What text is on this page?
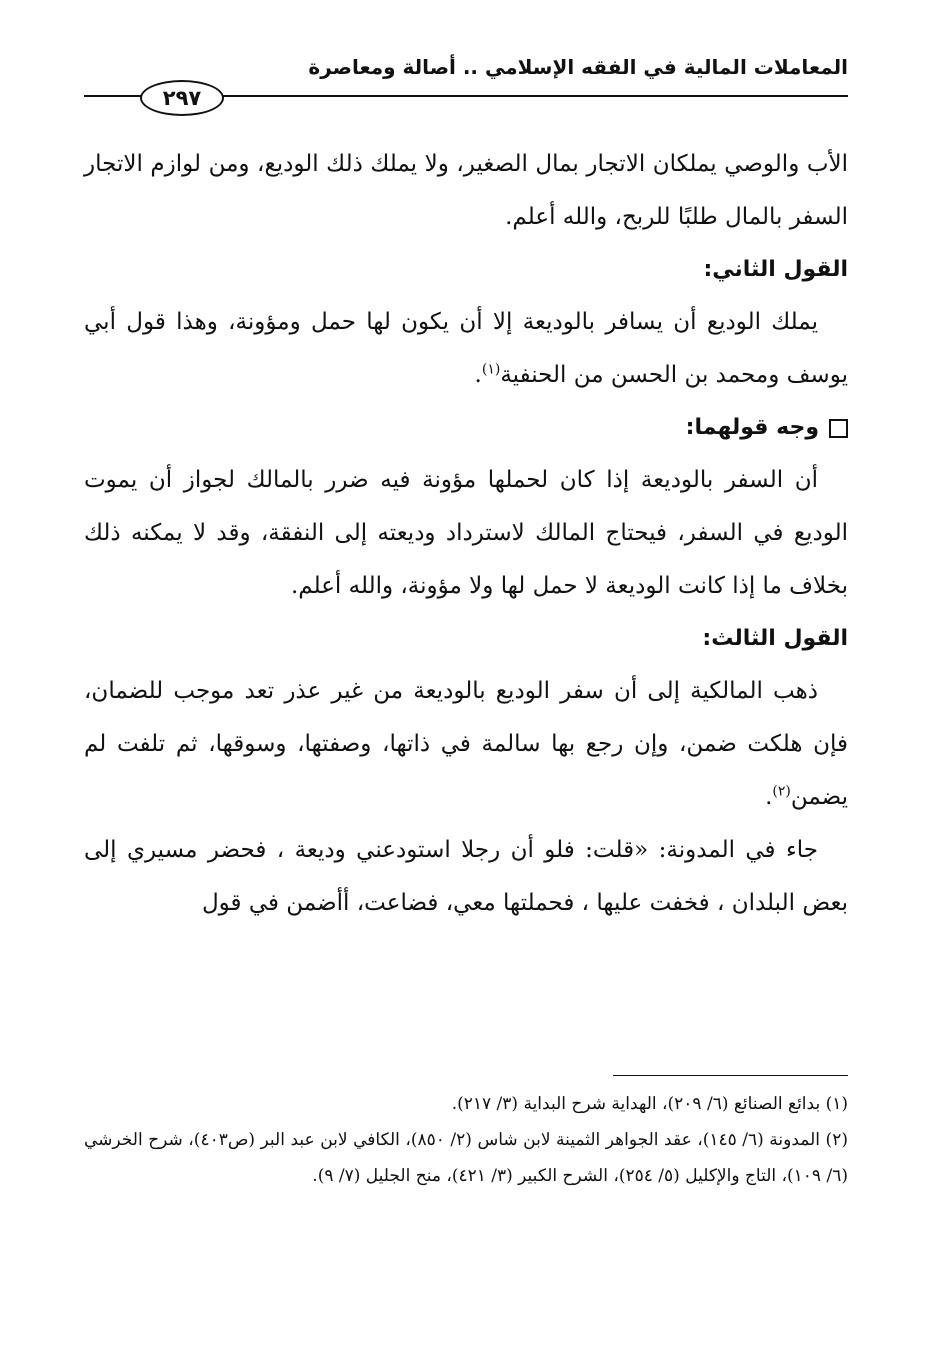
المعاملات المالية في الفقه الإسلامي .. أصالة ومعاصرة
٢٩٧

الأب والوصي يملكان الاتجار بمال الصغير، ولا يملك ذلك الوديع، ومن لوازم الاتجار السفر بالمال طلبًا للربح، والله أعلم.

القول الثاني:

يملك الوديع أن يسافر بالوديعة إلا أن يكون لها حمل ومؤونة، وهذا قول أبي يوسف ومحمد بن الحسن من الحنفية$^{(١)}$.

وجه قولهما:

أن السفر بالوديعة إذا كان لحملها مؤونة فيه ضرر بالمالك لجواز أن يموت الوديع في السفر، فيحتاج المالك لاسترداد وديعته إلى النفقة، وقد لا يمكنه ذلك بخلاف ما إذا كانت الوديعة لا حمل لها ولا مؤونة، والله أعلم.

القول الثالث:

ذهب المالكية إلى أن سفر الوديع بالوديعة من غير عذر تعد موجب للضمان، فإن هلكت ضمن، وإن رجع بها سالمة في ذاتها، وصفتها، وسوقها، ثم تلفت لم يضمن$^{(٢)}$.

جاء في المدونة: «قلت: فلو أن رجلا استودعني وديعة ، فحضر مسيري إلى بعض البلدان ، فخفت عليها ، فحملتها معي، فضاعت، أأضمن في قول

(١) بدائع الصنائع (٦/ ٢٠٩)، الهداية شرح البداية (٣/ ٢١٧).

(٢) المدونة (٦/ ١٤٥)، عقد الجواهر الثمينة لابن شاس (٢/ ٨٥٠)، الكافي لابن عبد البر (ص٤٠٣)، شرح الخرشي (٦/ ١٠٩)، التاج والإكليل (٥/ ٢٥٤)، الشرح الكبير (٣/ ٤٢١)، منح الجليل (٧/ ٩).
